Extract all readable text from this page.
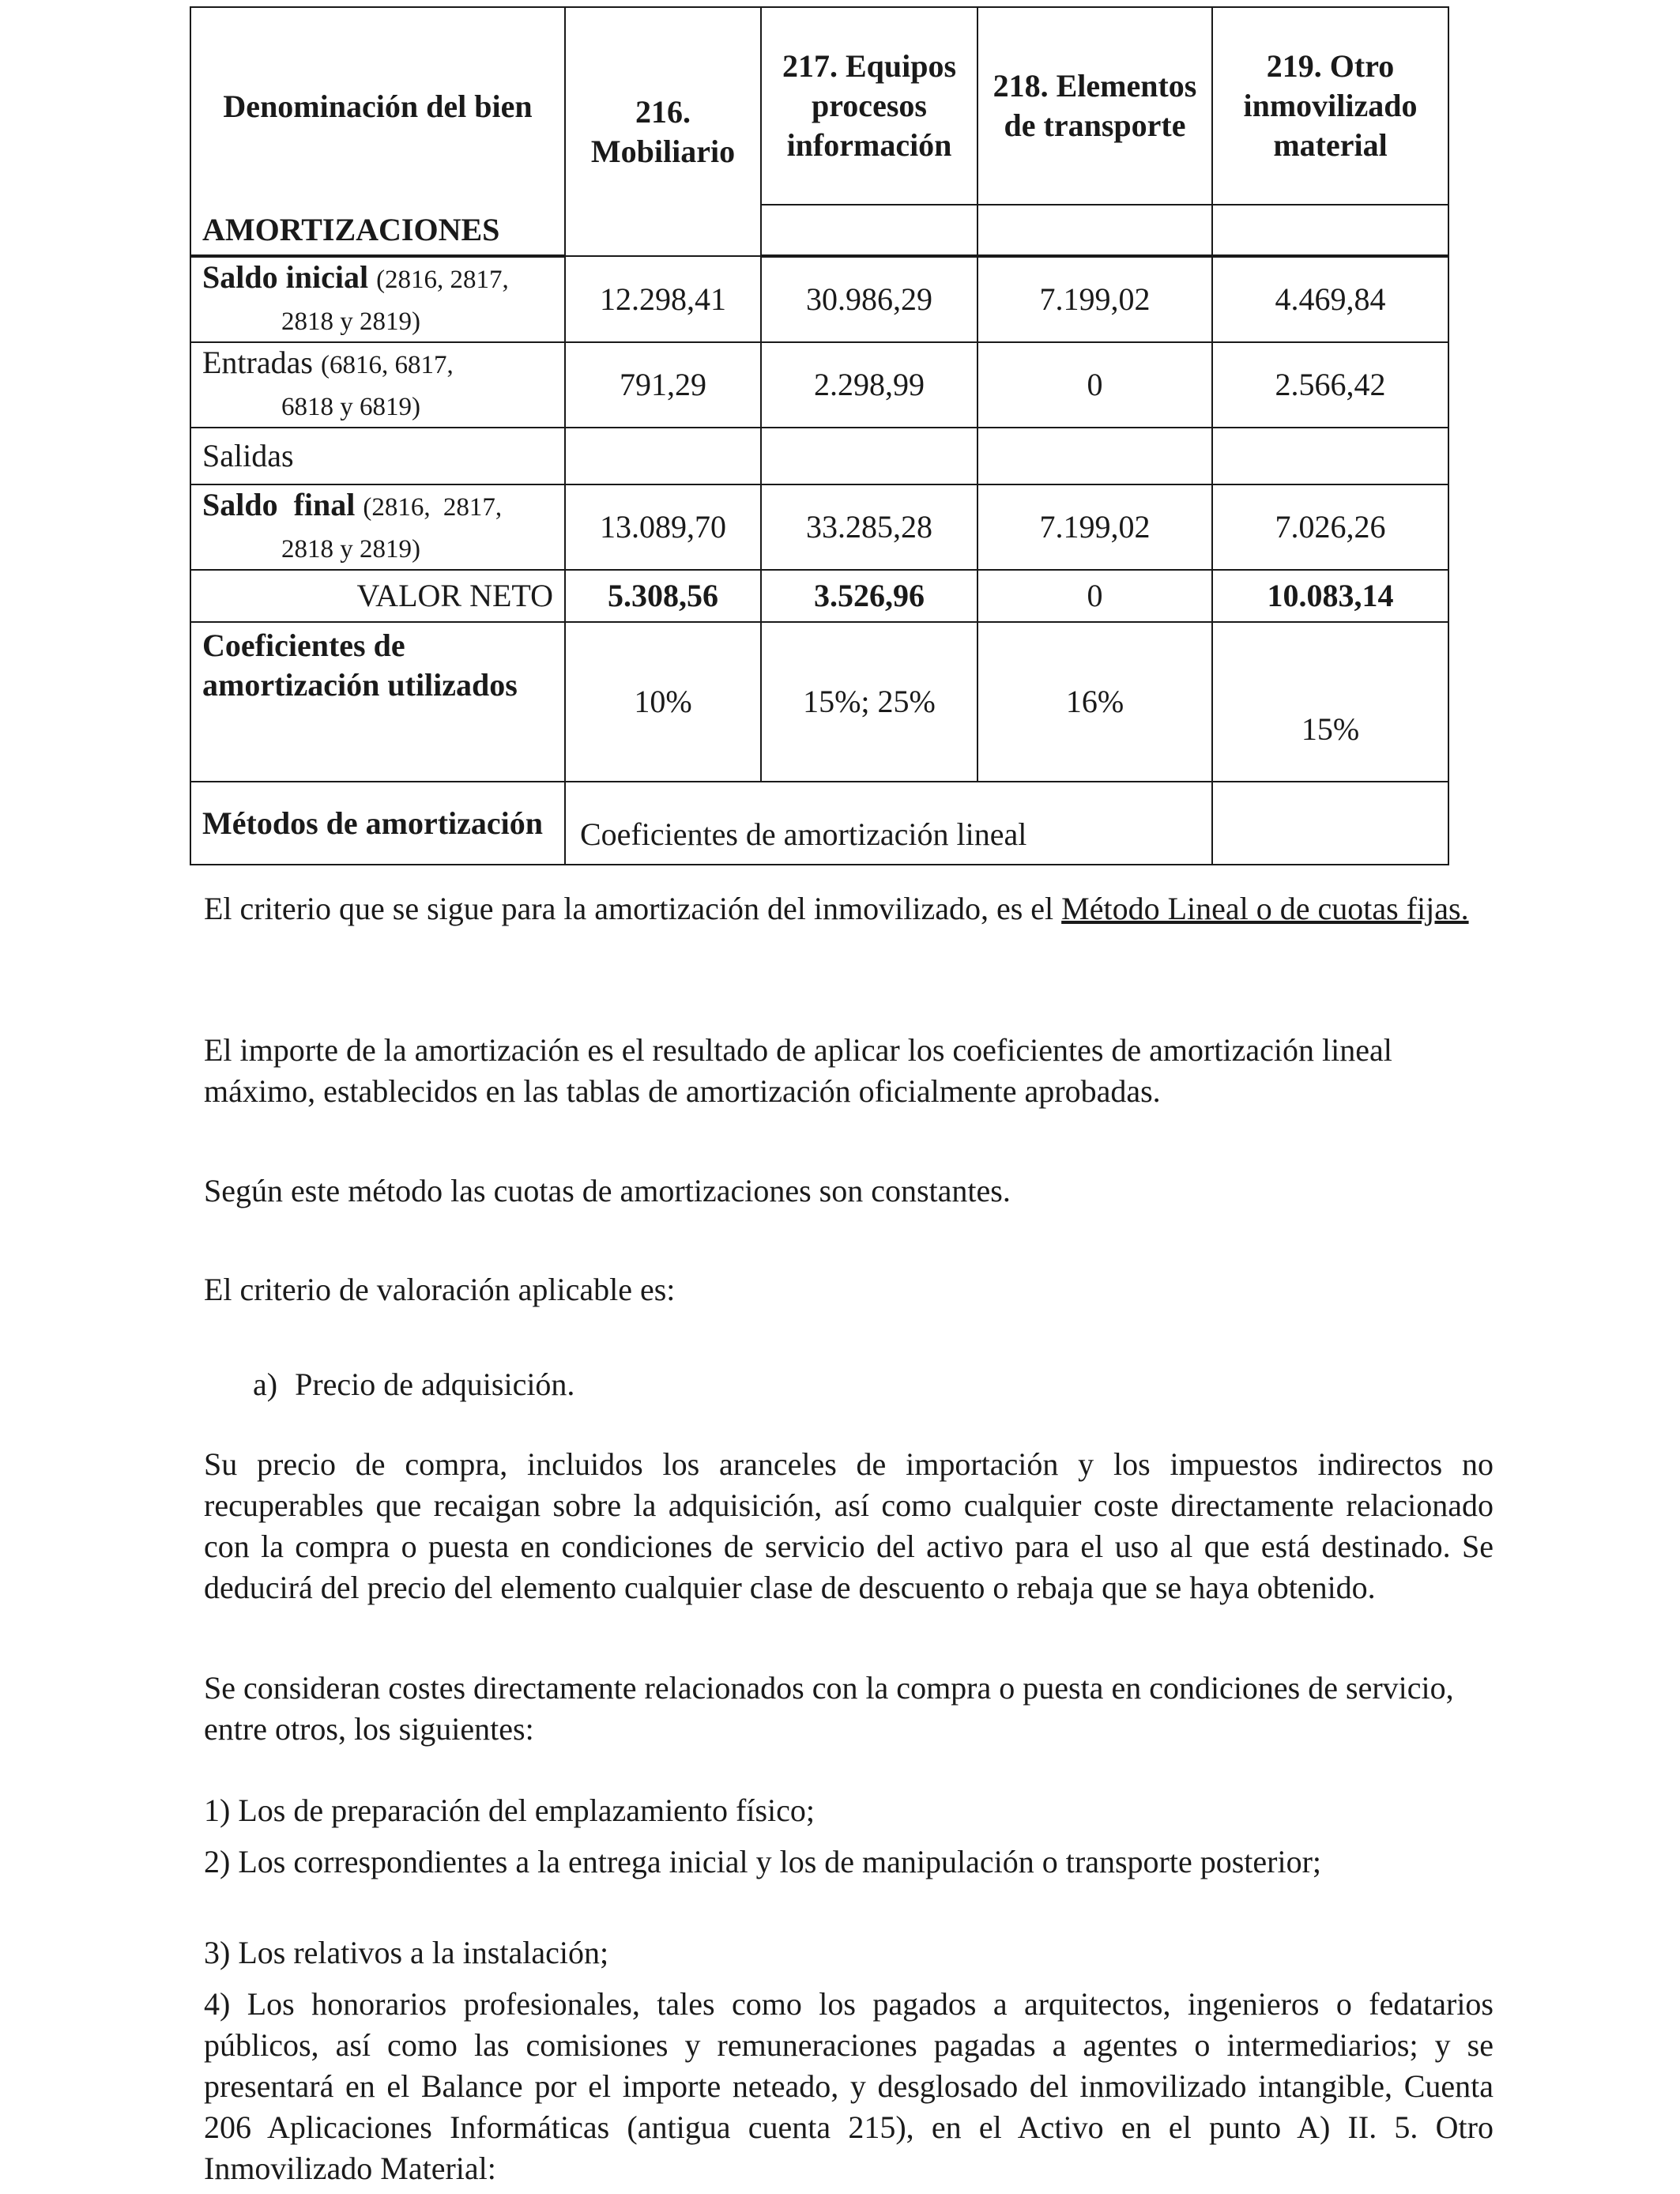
Denominación del bien	216. Mobiliario	217. Equipos procesos información	218. Elementos de transporte	219. Otro inmovilizado material
AMORTIZACIONES				
Saldo inicial (2816, 2817,
2818 y 2819)	12.298,41	30.986,29	7.199,02	4.469,84
Entradas (6816, 6817,
6818 y 6819)	791,29	2.298,99	0	2.566,42
Salidas				
Saldo final (2816, 2817,
2818 y 2819)	13.089,70	33.285,28	7.199,02	7.026,26
VALOR NETO	5.308,56	3.526,96	0	10.083,14
Coeficientes de amortización utilizados	10%	15%; 25%	16%	15%
Métodos de amortización	Coeficientes de amortización lineal			
El criterio que se sigue para la amortización del inmovilizado, es el Método Lineal o de cuotas fijas.
El importe de la amortización es el resultado de aplicar los coeficientes de amortización lineal máximo, establecidos en las tablas de amortización oficialmente aprobadas.
Según este método las cuotas de amortizaciones son constantes.
El criterio de valoración aplicable es:
a) Precio de adquisición.
Su precio de compra, incluidos los aranceles de importación y los impuestos indirectos no recuperables que recaigan sobre la adquisición, así como cualquier coste directamente relacionado con la compra o puesta en condiciones de servicio del activo para el uso al que está destinado. Se deducirá del precio del elemento cualquier clase de descuento o rebaja que se haya obtenido.
Se consideran costes directamente relacionados con la compra o puesta en condiciones de servicio, entre otros, los siguientes:
1) Los de preparación del emplazamiento físico;
2) Los correspondientes a la entrega inicial y los de manipulación o transporte posterior;
3) Los relativos a la instalación;
4) Los honorarios profesionales, tales como los pagados a arquitectos, ingenieros o fedatarios públicos, así como las comisiones y remuneraciones pagadas a agentes o intermediarios; y se presentará en el Balance por el importe neteado, y desglosado del inmovilizado intangible, Cuenta 206 Aplicaciones Informáticas (antigua cuenta 215), en el Activo en el punto A) II. 5. Otro Inmovilizado Material:
